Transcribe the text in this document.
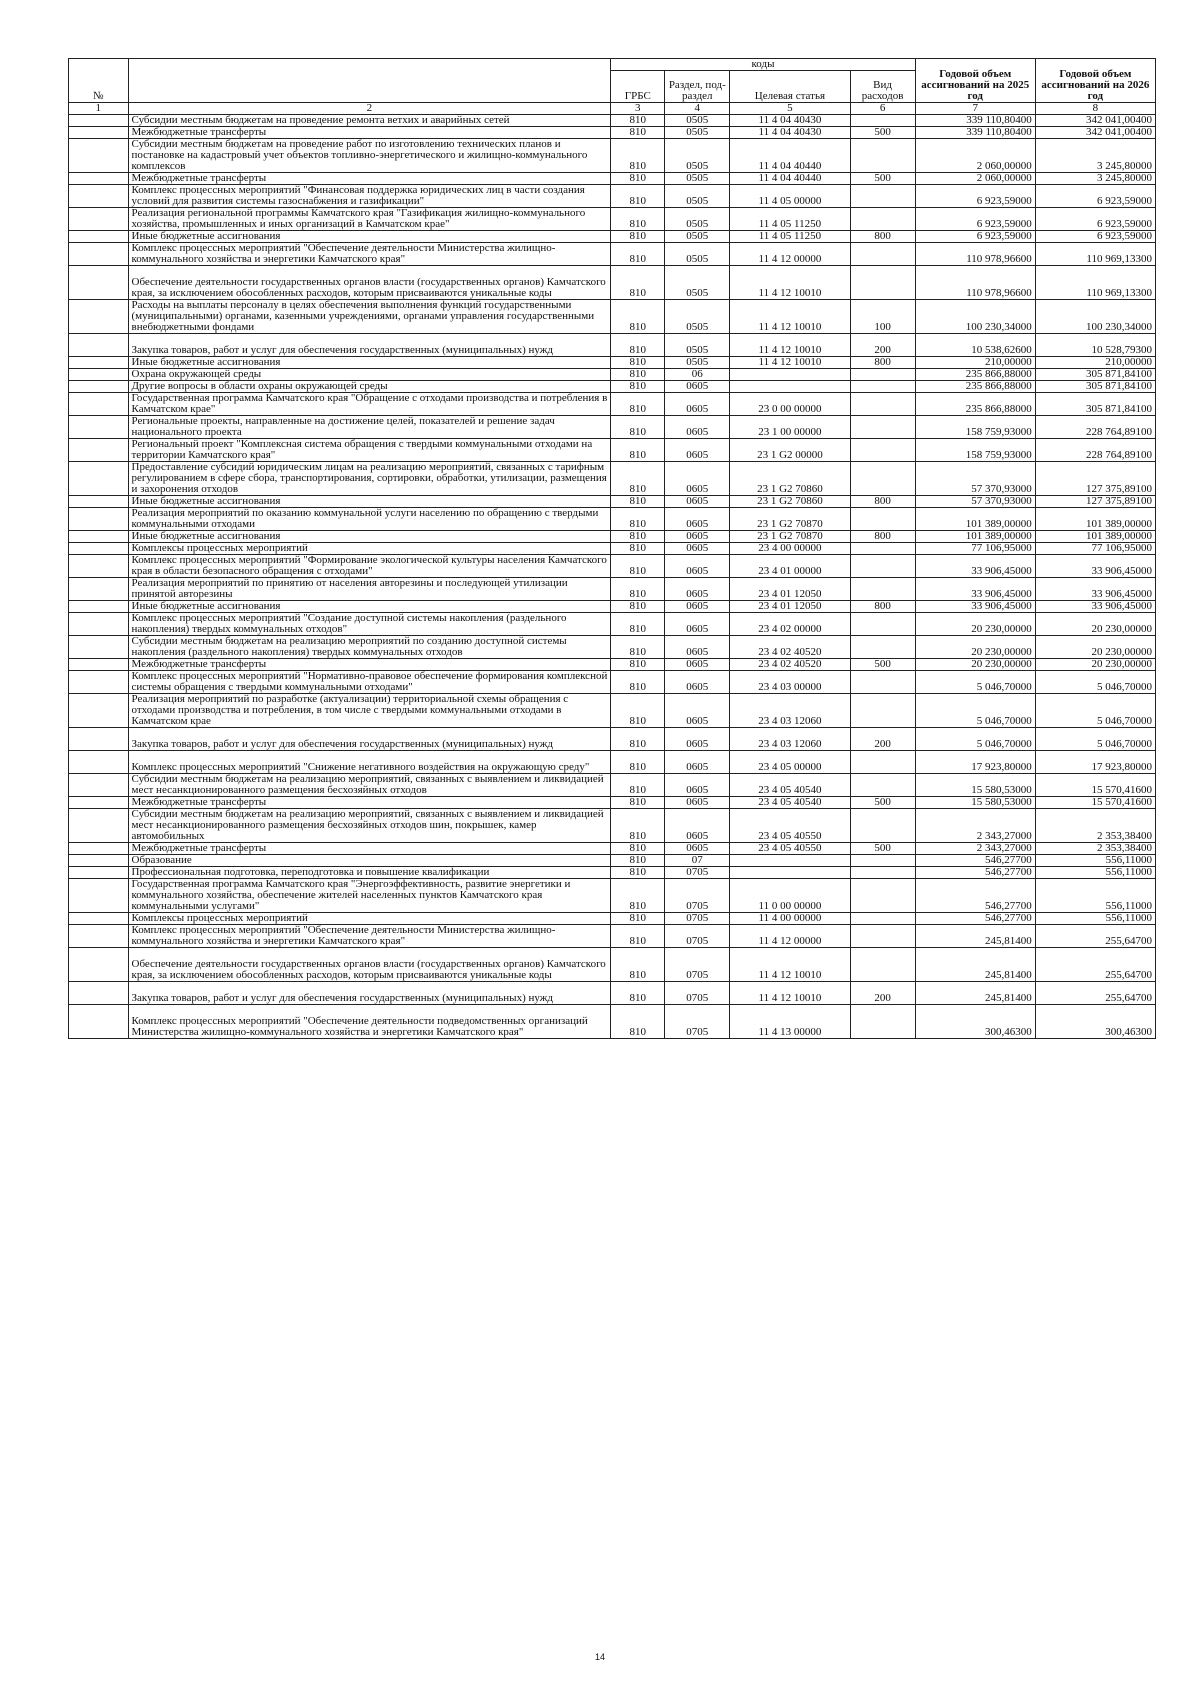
№		коды				Годовой объем ассигнований на 2025 год	Годовой объем ассигнований на 2026 год
		ГРБС	Раздел, под-раздел	Целевая статья	Вид расходов		
1	2	3	4	5	6	7	8
	Субсидии местным бюджетам на проведение ремонта ветхих и аварийных сетей	810	0505	11 4 04 40430		339 110,80400	342 041,00400
	Межбюджетные трансферты	810	0505	11 4 04 40430	500	339 110,80400	342 041,00400
	Субсидии местным бюджетам на проведение работ по изготовлению технических планов и постановке на кадастровый учет объектов топливно-энергетического и жилищно-коммунального комплексов	810	0505	11 4 04 40440		2 060,00000	3 245,80000
	Межбюджетные трансферты	810	0505	11 4 04 40440	500	2 060,00000	3 245,80000
	Комплекс процессных мероприятий "Финансовая поддержка юридических лиц в части создания условий для развития системы газоснабжения и газификации"	810	0505	11 4 05 00000		6 923,59000	6 923,59000
	Реализация региональной программы Камчатского края "Газификация жилищно-коммунального хозяйства, промышленных и иных организаций в Камчатском крае"	810	0505	11 4 05 11250		6 923,59000	6 923,59000
	Иные бюджетные ассигнования	810	0505	11 4 05 11250	800	6 923,59000	6 923,59000
	Комплекс процессных мероприятий "Обеспечение деятельности Министерства жилищно-коммунального хозяйства и энергетики Камчатского края"	810	0505	11 4 12 00000		110 978,96600	110 969,13300
	Обеспечение деятельности государственных органов власти (государственных органов) Камчатского края, за исключением обособленных расходов, которым присваиваются уникальные коды	810	0505	11 4 12 10010		110 978,96600	110 969,13300
	Расходы на выплаты персоналу в целях обеспечения выполнения функций государственными (муниципальными) органами, казенными учреждениями, органами управления государственными внебюджетными фондами	810	0505	11 4 12 10010	100	100 230,34000	100 230,34000
	Закупка товаров, работ и услуг для обеспечения государственных (муниципальных) нужд	810	0505	11 4 12 10010	200	10 538,62600	10 528,79300
	Иные бюджетные ассигнования	810	0505	11 4 12 10010	800	210,00000	210,00000
	Охрана окружающей среды	810	06			235 866,88000	305 871,84100
	Другие вопросы в области охраны окружающей среды	810	0605			235 866,88000	305 871,84100
	Государственная программа Камчатского края "Обращение с отходами производства и потребления в Камчатском крае"	810	0605	23 0 00 00000		235 866,88000	305 871,84100
	Региональные проекты, направленные на достижение целей, показателей и решение задач национального проекта	810	0605	23 1 00 00000		158 759,93000	228 764,89100
	Региональный проект "Комплексная система обращения с твердыми коммунальными отходами на территории Камчатского края"	810	0605	23 1 G2 00000		158 759,93000	228 764,89100
	Предоставление субсидий юридическим лицам на реализацию мероприятий, связанных с тарифным регулированием в сфере сбора, транспортирования, сортировки, обработки, утилизации, размещения и захоронения отходов	810	0605	23 1 G2 70860		57 370,93000	127 375,89100
	Иные бюджетные ассигнования	810	0605	23 1 G2 70860	800	57 370,93000	127 375,89100
	Реализация мероприятий по оказанию коммунальной услуги населению по обращению с твердыми коммунальными отходами	810	0605	23 1 G2 70870		101 389,00000	101 389,00000
	Иные бюджетные ассигнования	810	0605	23 1 G2 70870	800	101 389,00000	101 389,00000
	Комплексы процессных мероприятий	810	0605	23 4 00 00000		77 106,95000	77 106,95000
	Комплекс процессных мероприятий "Формирование экологической культуры населения Камчатского края в области безопасного обращения с отходами"	810	0605	23 4 01 00000		33 906,45000	33 906,45000
	Реализация мероприятий по принятию от населения авторезины и последующей утилизации принятой авторезины	810	0605	23 4 01 12050		33 906,45000	33 906,45000
	Иные бюджетные ассигнования	810	0605	23 4 01 12050	800	33 906,45000	33 906,45000
	Комплекс процессных мероприятий "Создание доступной системы накопления (раздельного накопления) твердых коммунальных отходов"	810	0605	23 4 02 00000		20 230,00000	20 230,00000
	Субсидии местным бюджетам на реализацию мероприятий по созданию доступной системы накопления (раздельного накопления) твердых коммунальных отходов	810	0605	23 4 02 40520		20 230,00000	20 230,00000
	Межбюджетные трансферты	810	0605	23 4 02 40520	500	20 230,00000	20 230,00000
	Комплекс процессных мероприятий "Нормативно-правовое обеспечение формирования комплексной системы обращения с твердыми коммунальными отходами"	810	0605	23 4 03 00000		5 046,70000	5 046,70000
	Реализация мероприятий по разработке (актуализации) территориальной схемы обращения с отходами производства и потребления, в том числе с твердыми коммунальными отходами в Камчатском крае	810	0605	23 4 03 12060		5 046,70000	5 046,70000
	Закупка товаров, работ и услуг для обеспечения государственных (муниципальных) нужд	810	0605	23 4 03 12060	200	5 046,70000	5 046,70000
	Комплекс процессных мероприятий "Снижение негативного воздействия на окружающую среду"	810	0605	23 4 05 00000		17 923,80000	17 923,80000
	Субсидии местным бюджетам на реализацию мероприятий, связанных с выявлением и ликвидацией мест несанкционированного размещения бесхозяйных отходов	810	0605	23 4 05 40540		15 580,53000	15 570,41600
	Межбюджетные трансферты	810	0605	23 4 05 40540	500	15 580,53000	15 570,41600
	Субсидии местным бюджетам на реализацию мероприятий, связанных с выявлением и ликвидацией мест несанкционированного размещения бесхозяйных отходов шин, покрышек, камер автомобильных	810	0605	23 4 05 40550		2 343,27000	2 353,38400
	Межбюджетные трансферты	810	0605	23 4 05 40550	500	2 343,27000	2 353,38400
	Образование	810	07			546,27700	556,11000
	Профессиональная подготовка, переподготовка и повышение квалификации	810	0705			546,27700	556,11000
	Государственная программа Камчатского края "Энергоэффективность, развитие энергетики и коммунального хозяйства, обеспечение жителей населенных пунктов Камчатского края коммунальными услугами"	810	0705	11 0 00 00000		546,27700	556,11000
	Комплексы процессных мероприятий	810	0705	11 4 00 00000		546,27700	556,11000
	Комплекс процессных мероприятий "Обеспечение деятельности Министерства жилищно-коммунального хозяйства и энергетики Камчатского края"	810	0705	11 4 12 00000		245,81400	255,64700
	Обеспечение деятельности государственных органов власти (государственных органов) Камчатского края, за исключением обособленных расходов, которым присваиваются уникальные коды	810	0705	11 4 12 10010		245,81400	255,64700
	Закупка товаров, работ и услуг для обеспечения государственных (муниципальных) нужд	810	0705	11 4 12 10010	200	245,81400	255,64700
	Комплекс процессных мероприятий "Обеспечение деятельности подведомственных организаций Министерства жилищно-коммунального хозяйства и энергетики Камчатского края"	810	0705	11 4 13 00000		300,46300	300,46300
14
